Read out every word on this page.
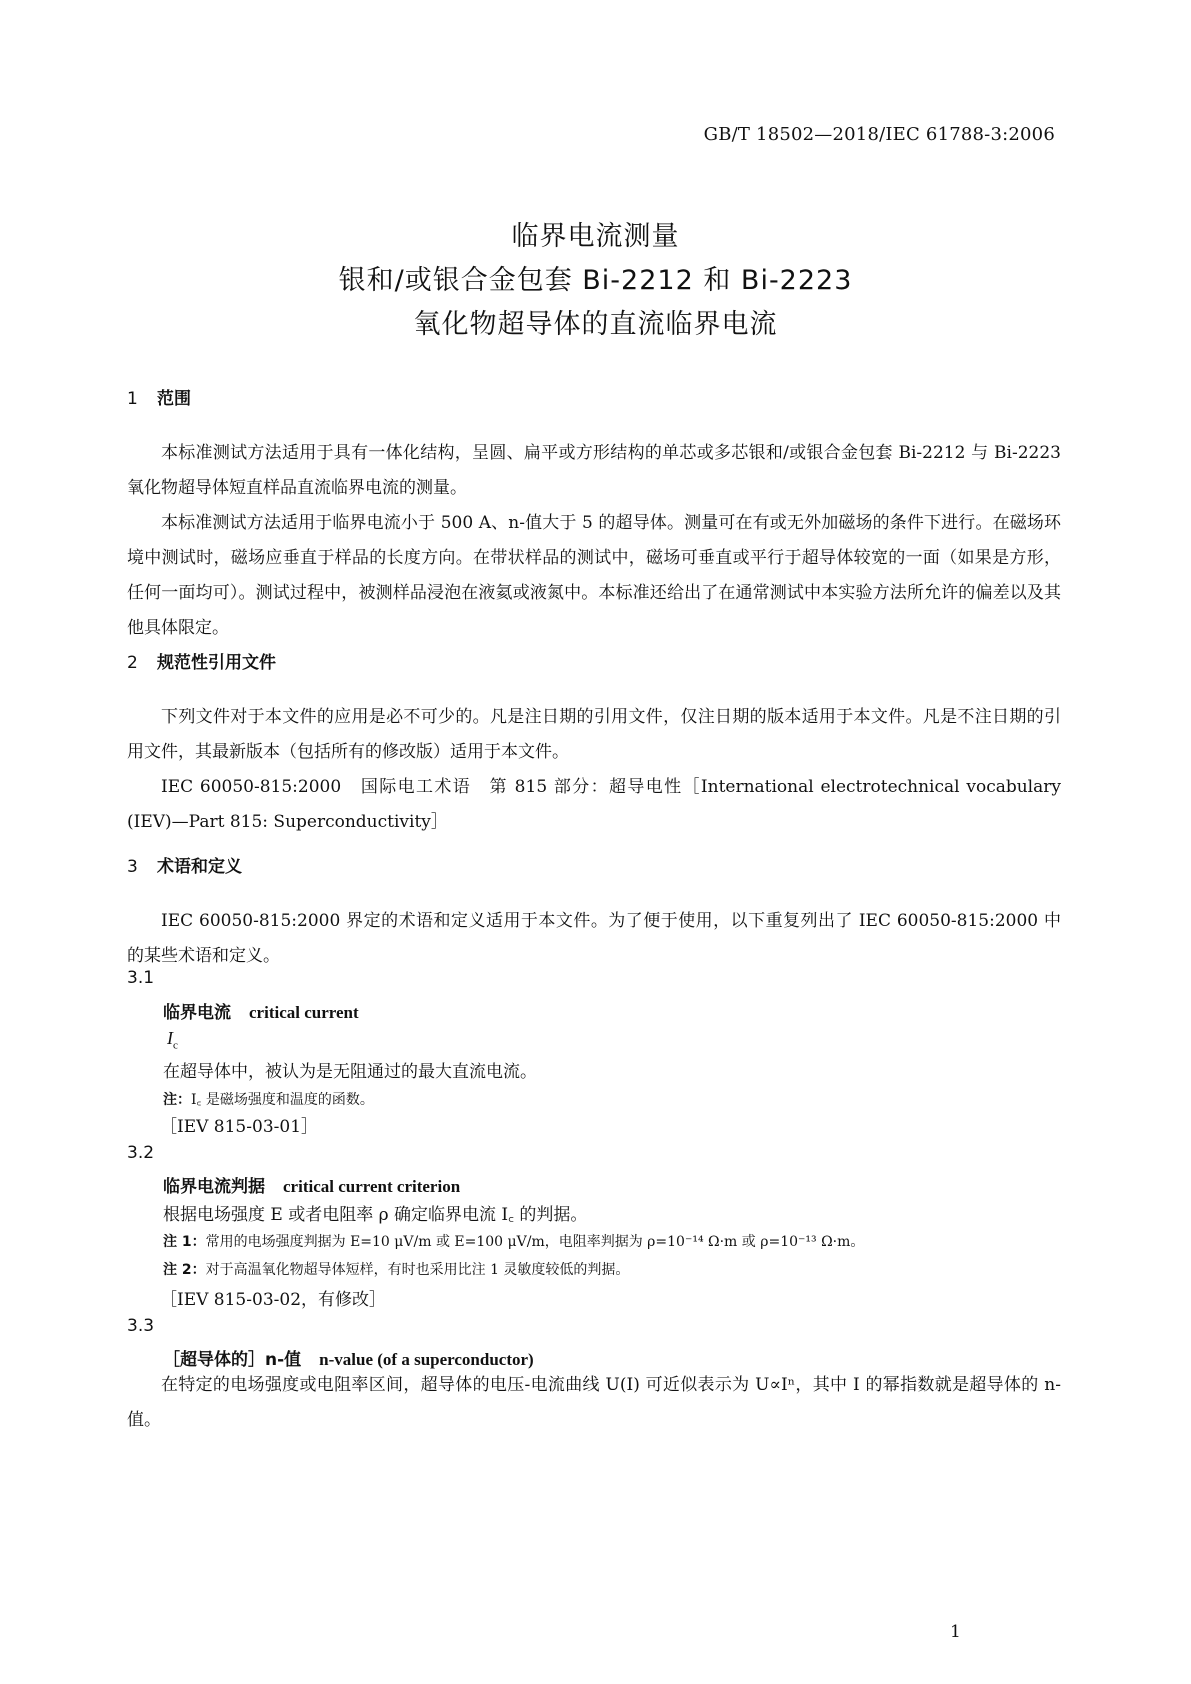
GB/T 18502—2018/IEC 61788-3:2006
临界电流测量
银和/或银合金包套 Bi-2212 和 Bi-2223
氧化物超导体的直流临界电流
1 范围

本标准测试方法适用于具有一体化结构，呈圆、扁平或方形结构的单芯或多芯银和/或银合金包套 Bi-2212 与 Bi-2223 氧化物超导体短直样品直流临界电流的测量。

本标准测试方法适用于临界电流小于 500 A、n-值大于 5 的超导体。测量可在有或无外加磁场的条件下进行。在磁场环境中测试时，磁场应垂直于样品的长度方向。在带状样品的测试中，磁场可垂直或平行于超导体较宽的一面（如果是方形，任何一面均可）。测试过程中，被测样品浸泡在液氦或液氮中。本标准还给出了在通常测试中本实验方法所允许的偏差以及其他具体限定。

2 规范性引用文件

下列文件对于本文件的应用是必不可少的。凡是注日期的引用文件，仅注日期的版本适用于本文件。凡是不注日期的引用文件，其最新版本（包括所有的修改版）适用于本文件。

IEC 60050-815:2000　国际电工术语　第 815 部分：超导电性［International electrotechnical vocabulary (IEV)—Part 815: Superconductivity］

3 术语和定义

IEC 60050-815:2000 界定的术语和定义适用于本文件。为了便于使用，以下重复列出了 IEC 60050-815:2000 中的某些术语和定义。

3.1
临界电流 critical current
$I_c$
在超导体中，被认为是无阻通过的最大直流电流。
注：I꜀ 是磁场强度和温度的函数。
［IEV 815-03-01］
3.2
临界电流判据 critical current criterion
根据电场强度 E 或者电阻率 ρ 确定临界电流 I꜀ 的判据。
注 1：常用的电场强度判据为 E=10 μV/m 或 E=100 μV/m，电阻率判据为 ρ=10⁻¹⁴ Ω·m 或 ρ=10⁻¹³ Ω·m。
注 2：对于高温氧化物超导体短样，有时也采用比注 1 灵敏度较低的判据。
［IEV 815-03-02，有修改］
3.3
［超导体的］n-值 n-value (of a superconductor)

在特定的电场强度或电阻率区间，超导体的电压-电流曲线 U(I) 可近似表示为 U∝Iⁿ，其中 I 的幂指数就是超导体的 n-值。

1
